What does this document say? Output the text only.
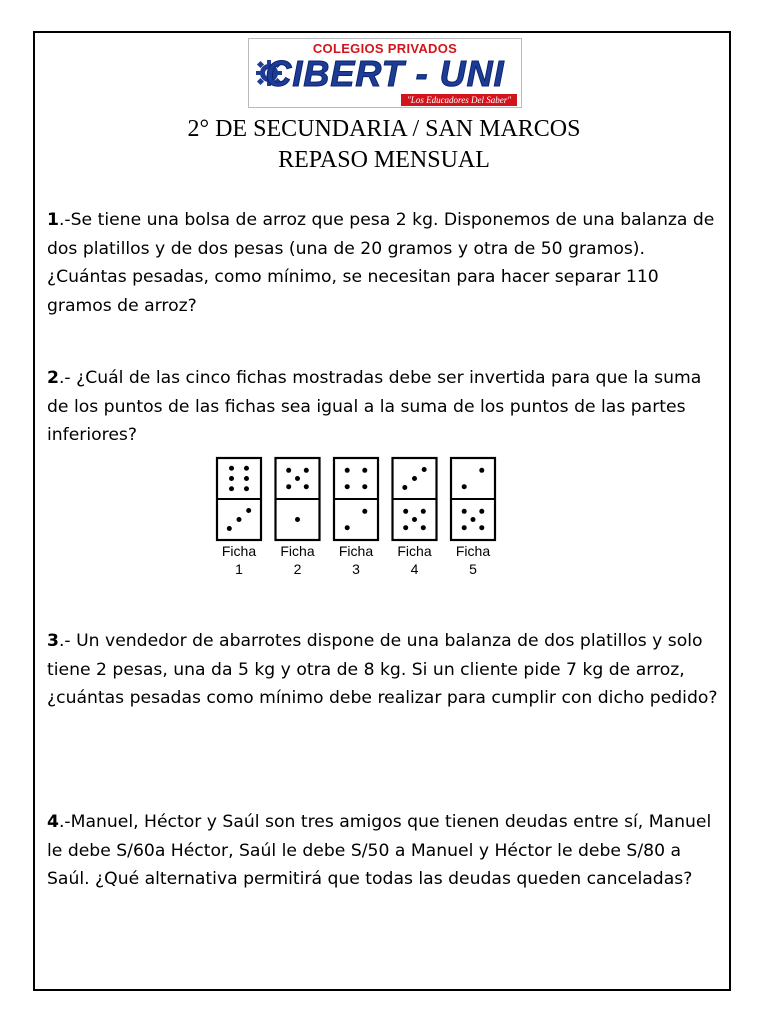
COLEGIOS PRIVADOS
CIBERT - UNI
"Los Educadores Del Saber"
2° DE SECUNDARIA / SAN MARCOS
REPASO MENSUAL

1.-Se tiene una bolsa de arroz que pesa 2 kg. Disponemos de una balanza de dos platillos y de dos pesas (una de 20 gramos y otra de 50 gramos). ¿Cuántas pesadas, como mínimo, se necesitan para hacer separar 110 gramos de arroz?

2.- ¿Cuál de las cinco fichas mostradas debe ser invertida para que la suma de los puntos de las fichas sea igual a la suma de los puntos de las partes inferiores?

Ficha
1
Ficha
2
Ficha
3
Ficha
4
Ficha
5

3.- Un vendedor de abarrotes dispone de una balanza de dos platillos y solo tiene 2 pesas, una da 5 kg y otra de 8 kg. Si un cliente pide 7 kg de arroz, ¿cuántas pesadas como mínimo debe realizar para cumplir con dicho pedido?

4.-Manuel, Héctor y Saúl son tres amigos que tienen deudas entre sí, Manuel le debe S/60a Héctor, Saúl le debe S/50 a Manuel y Héctor le debe S/80 a Saúl. ¿Qué alternativa permitirá que todas las deudas queden canceladas?
